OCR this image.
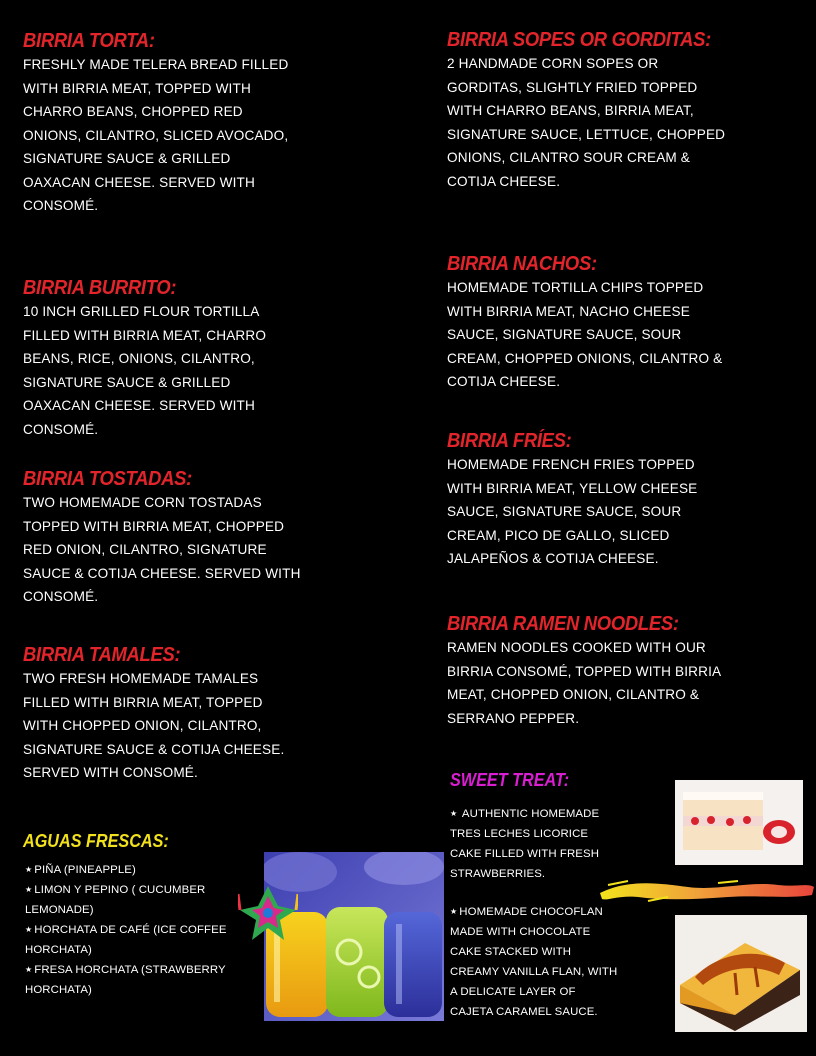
BIRRIA TORTA:
FRESHLY MADE TELERA BREAD FILLED
WITH BIRRIA MEAT, TOPPED WITH
CHARRO BEANS, CHOPPED RED
ONIONS, CILANTRO, SLICED AVOCADO,
SIGNATURE SAUCE & GRILLED
OAXACAN CHEESE. SERVED WITH
CONSOMÉ.
BIRRIA BURRITO:
10 INCH GRILLED FLOUR TORTILLA
FILLED WITH BIRRIA MEAT, CHARRO
BEANS, RICE, ONIONS, CILANTRO,
SIGNATURE SAUCE & GRILLED
OAXACAN CHEESE. SERVED WITH
CONSOMÉ.
BIRRIA TOSTADAS:
TWO HOMEMADE CORN TOSTADAS
TOPPED WITH BIRRIA MEAT, CHOPPED
RED ONION, CILANTRO, SIGNATURE
SAUCE & COTIJA CHEESE. SERVED WITH
CONSOMÉ.
BIRRIA TAMALES:
TWO FRESH HOMEMADE TAMALES
FILLED WITH BIRRIA MEAT, TOPPED
WITH CHOPPED ONION, CILANTRO,
SIGNATURE SAUCE & COTIJA CHEESE.
SERVED WITH CONSOMÉ.
BIRRIA SOPES OR GORDITAS:
2 HANDMADE CORN SOPES OR
GORDITAS, SLIGHTLY FRIED TOPPED
WITH CHARRO BEANS, BIRRIA MEAT,
SIGNATURE SAUCE, LETTUCE, CHOPPED
ONIONS, CILANTRO SOUR CREAM &
COTIJA CHEESE.
BIRRIA NACHOS:
HOMEMADE TORTILLA CHIPS TOPPED
WITH BIRRIA MEAT, NACHO CHEESE
SAUCE, SIGNATURE SAUCE, SOUR
CREAM, CHOPPED ONIONS, CILANTRO &
COTIJA CHEESE.
BIRRIA FRÍES:
HOMEMADE FRENCH FRIES TOPPED
WITH BIRRIA MEAT, YELLOW CHEESE
SAUCE, SIGNATURE SAUCE, SOUR
CREAM, PICO DE GALLO, SLICED
JALAPEÑOS & COTIJA CHEESE.
BIRRIA RAMEN NOODLES:
RAMEN NOODLES COOKED WITH OUR
BIRRIA CONSOMÉ, TOPPED WITH BIRRIA
MEAT, CHOPPED ONION, CILANTRO &
SERRANO PEPPER.
AGUAS FRESCAS:
★ PIÑA (PINEAPPLE)
★ LIMON Y PEPINO ( CUCUMBER LEMONADE)
★ HORCHATA DE CAFÉ (ICE COFFEE HORCHATA)
★ FRESA HORCHATA (STRAWBERRY HORCHATA)
SWEET TREAT:
★ AUTHENTIC HOMEMADE TRES LECHES LICORICE CAKE FILLED WITH FRESH STRAWBERRIES.
★ HOMEMADE CHOCOFLAN MADE WITH CHOCOLATE CAKE STACKED WITH CREAMY VANILLA FLAN, WITH A DELICATE LAYER OF CAJETA CARAMEL SAUCE.
